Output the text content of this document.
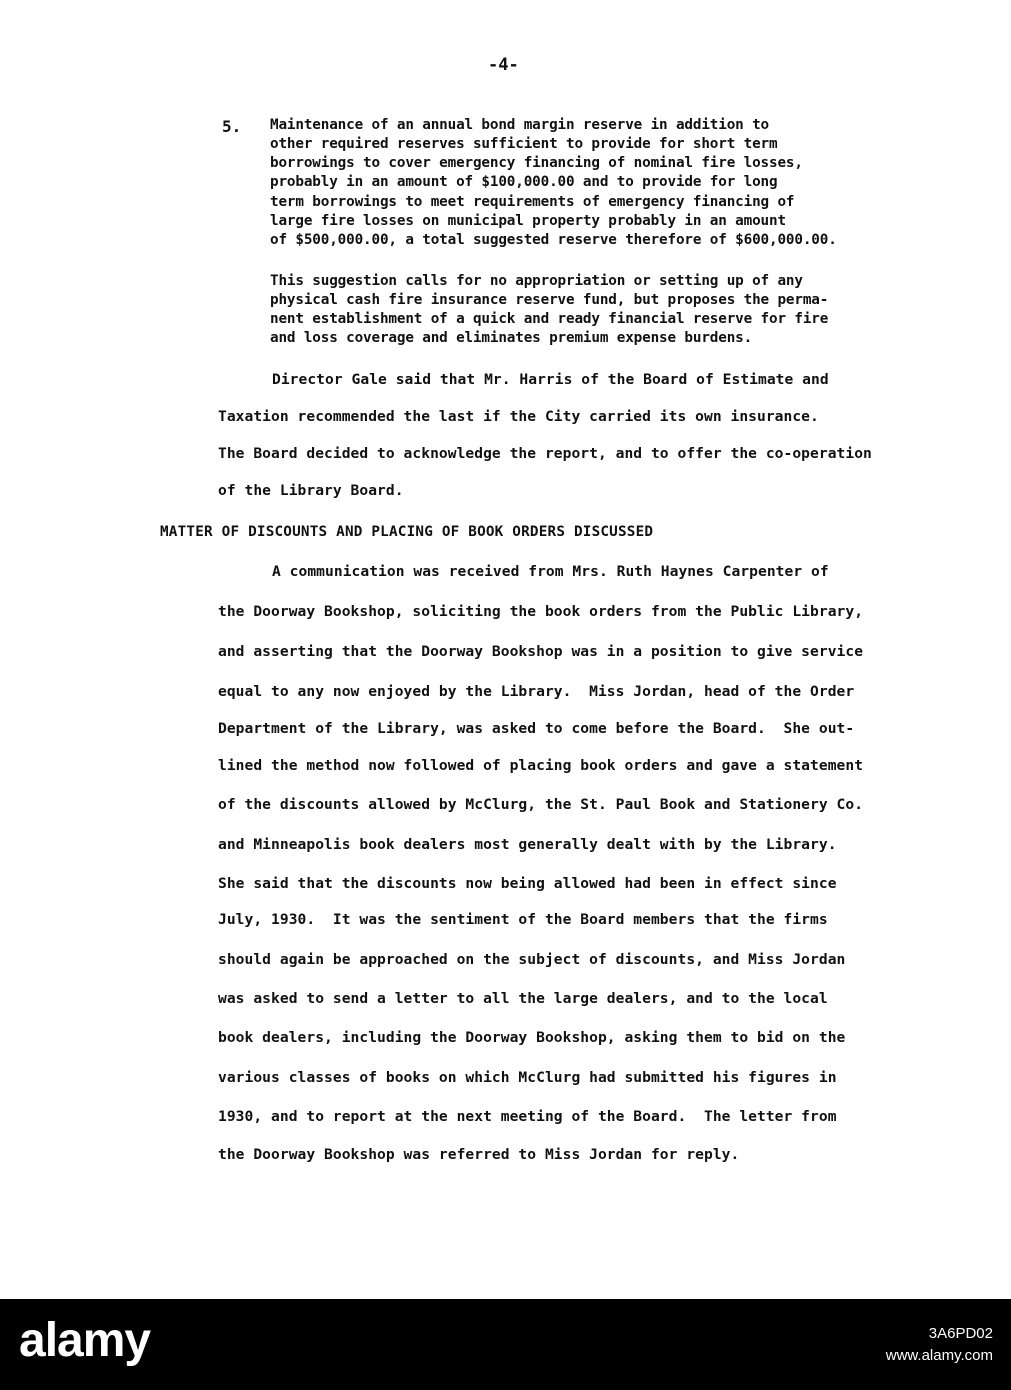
-4-
5. Maintenance of an annual bond margin reserve in addition to
other required reserves sufficient to provide for short term
borrowings to cover emergency financing of nominal fire losses,
probably in an amount of $100,000.00 and to provide for long
term borrowings to meet requirements of emergency financing of
large fire losses on municipal property probably in an amount
of $500,000.00, a total suggested reserve therefore of $600,000.00.
This suggestion calls for no appropriation or setting up of any
physical cash fire insurance reserve fund, but proposes the perma-
nent establishment of a quick and ready financial reserve for fire
and loss coverage and eliminates premium expense burdens.
Director Gale said that Mr. Harris of the Board of Estimate and
Taxation recommended the last if the City carried its own insurance.
The Board decided to acknowledge the report, and to offer the co-operation
of the Library Board.
MATTER OF DISCOUNTS AND PLACING OF BOOK ORDERS DISCUSSED
A communication was received from Mrs. Ruth Haynes Carpenter of
the Doorway Bookshop, soliciting the book orders from the Public Library,
and asserting that the Doorway Bookshop was in a position to give service
equal to any now enjoyed by the Library.  Miss Jordan, head of the Order
Department of the Library, was asked to come before the Board.  She out-
lined the method now followed of placing book orders and gave a statement
of the discounts allowed by McClurg, the St. Paul Book and Stationery Co.
and Minneapolis book dealers most generally dealt with by the Library.
She said that the discounts now being allowed had been in effect since
July, 1930.  It was the sentiment of the Board members that the firms
should again be approached on the subject of discounts, and Miss Jordan
was asked to send a letter to all the large dealers, and to the local
book dealers, including the Doorway Bookshop, asking them to bid on the
various classes of books on which McClurg had submitted his figures in
1930, and to report at the next meeting of the Board.  The letter from
the Doorway Bookshop was referred to Miss Jordan for reply.
alamy	3A6PD02
www.alamy.com
